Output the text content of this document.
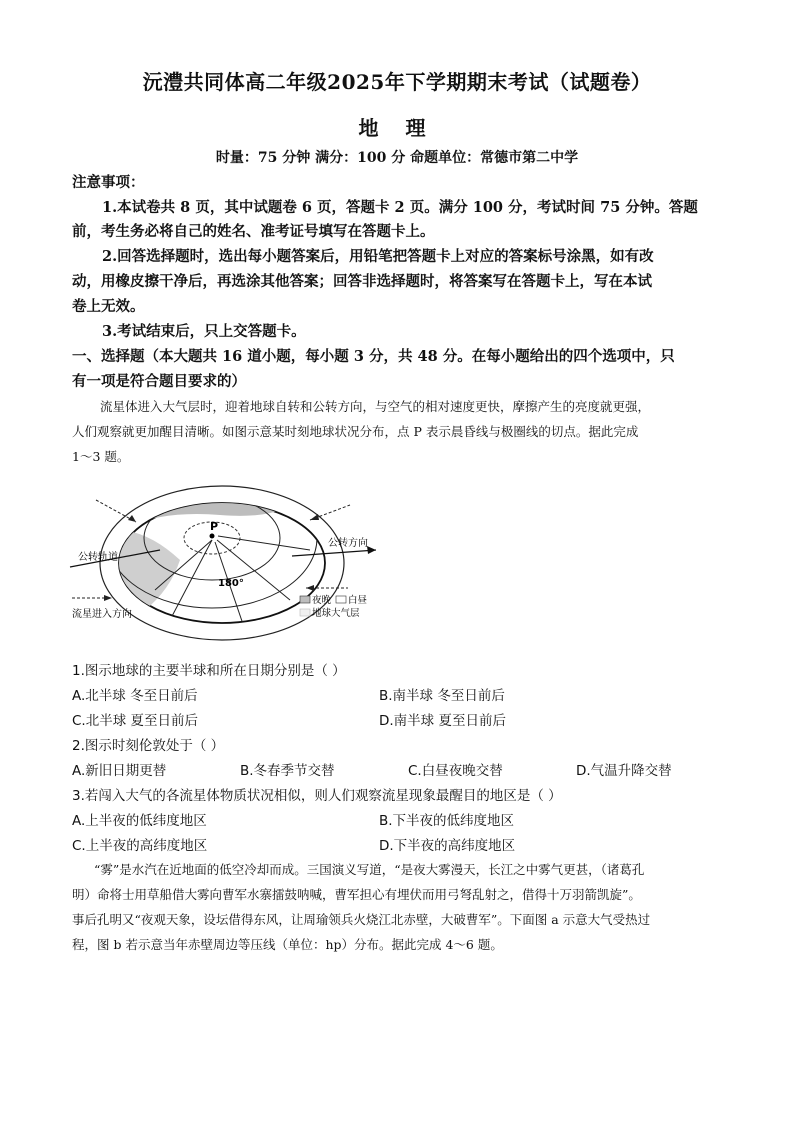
沅澧共同体高二年级2025年下学期期末考试（试题卷）
地 理
时量：75 分钟 满分：100 分 命题单位：常德市第二中学
注意事项：
1.本试卷共 8 页，其中试题卷 6 页，答题卡 2 页。满分 100 分，考试时间 75 分钟。答题
前，考生务必将自己的姓名、准考证号填写在答题卡上。
2.回答选择题时，选出每小题答案后，用铅笔把答题卡上对应的答案标号涂黑，如有改
动，用橡皮擦干净后，再选涂其他答案；回答非选择题时，将答案写在答题卡上，写在本试
卷上无效。
3.考试结束后，只上交答题卡。
一、选择题（本大题共 16 道小题，每小题 3 分，共 48 分。在每小题给出的四个选项中，只
有一项是符合题目要求的）
流星体进入大气层时，迎着地球自转和公转方向，与空气的相对速度更快，摩擦产生的亮度就更强，
人们观察就更加醒目清晰。如图示意某时刻地球状况分布，点 P 表示晨昏线与极圈线的切点。据此完成
1～3 题。
P
180°
公转轨道
公转方向
流星进入方向
夜晚 白昼
地球大气层
1.图示地球的主要半球和所在日期分别是（ ）
A.北半球 冬至日前后	B.南半球 冬至日前后
C.北半球 夏至日前后	D.南半球 夏至日前后
2.图示时刻伦敦处于（ ）
A.新旧日期更替	B.冬春季节交替	C.白昼夜晚交替	D.气温升降交替
3.若闯入大气的各流星体物质状况相似，则人们观察流星现象最醒目的地区是（ ）
A.上半夜的低纬度地区	B.下半夜的低纬度地区
C.上半夜的高纬度地区	D.下半夜的高纬度地区
“雾”是水汽在近地面的低空冷却而成。三国演义写道，“是夜大雾漫天，长江之中雾气更甚，（诸葛孔
明）命将士用草船借大雾向曹军水寨擂鼓呐喊，曹军担心有埋伏而用弓弩乱射之，借得十万羽箭凯旋”。
事后孔明又“夜观天象，设坛借得东风，让周瑜领兵火烧江北赤壁，大破曹军”。下面图 a 示意大气受热过
程，图 b 若示意当年赤壁周边等压线（单位：hp）分布。据此完成 4～6 题。
